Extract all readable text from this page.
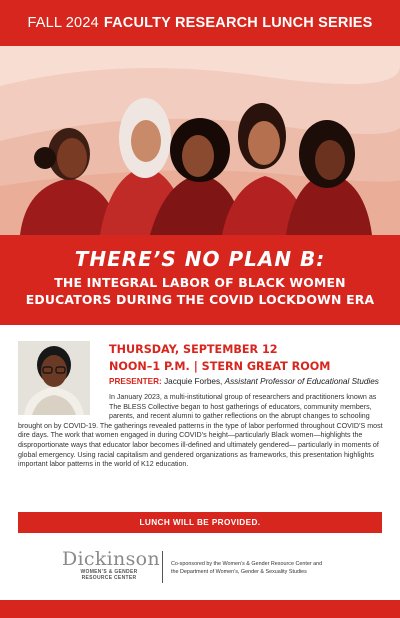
FALL 2024 FACULTY RESEARCH LUNCH SERIES
THERE’S NO PLAN B:
THE INTEGRAL LABOR OF BLACK WOMEN
EDUCATORS DURING THE COVID LOCKDOWN ERA
THURSDAY, SEPTEMBER 12
NOON–1 P.M. | STERN GREAT ROOM
PRESENTER: Jacquie Forbes, Assistant Professor of Educational Studies
In January 2023, a multi-institutional group of researchers and practitioners known as The BLESS Collective began to host gatherings of educators, community members, parents, and recent alumni to gather reflections on the abrupt changes to schooling brought on by COVID-19. The gatherings revealed patterns in the type of labor performed throughout COVID’S most dire days. The work that women engaged in during COVID’s height—particularly Black women—highlights the disproportionate ways that educator labor becomes ill-defined and ultimately gendered— particularly in moments of global emergency. Using racial capitalism and gendered organizations as frameworks, this presentation highlights important labor patterns in the world of K12 education.
LUNCH WILL BE PROVIDED.
Dickinson
WOMEN’S & GENDER
RESOURCE CENTER
Co-sponsored by the Women’s & Gender Resource Center and
the Department of Women’s, Gender & Sexuality Studies
